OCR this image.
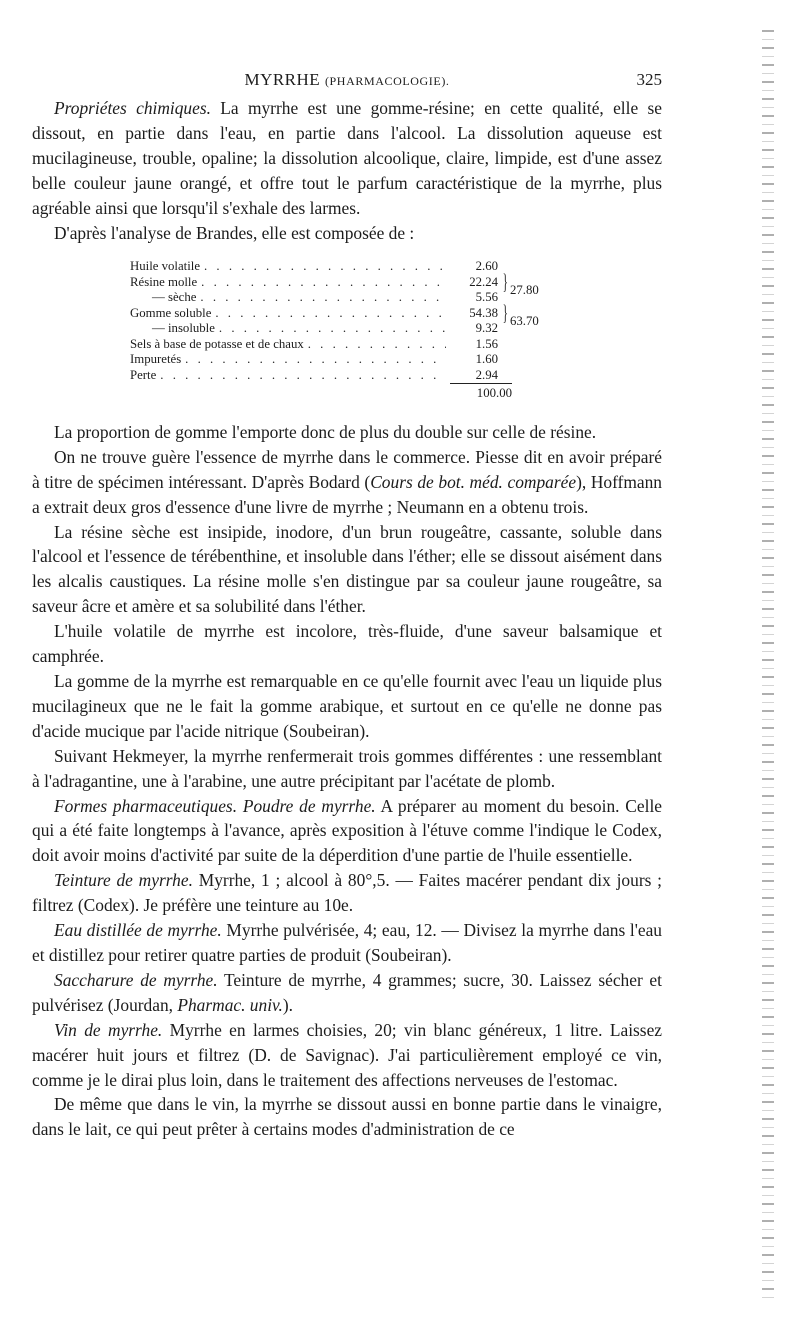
MYRRHE (PHARMACOLOGIE).	325

Propriétes chimiques. La myrrhe est une gomme-résine; en cette qualité, elle se dissout, en partie dans l'eau, en partie dans l'alcool. La dissolution aqueuse est mucilagineuse, trouble, opaline; la dissolution alcoolique, claire, limpide, est d'une assez belle couleur jaune orangé, et offre tout le parfum caractéristique de la myrrhe, plus agréable ainsi que lorsqu'il s'exhale des larmes.

D'après l'analyse de Brandes, elle est composée de :

Huile volatile . . .	2.60
Résine molle . . .	22.24 } 27.80
— sèche . . .	5.56
Gomme soluble . . .	54.38 } 63.70
— insoluble . . .	9.32
Sels à base de potasse et de chaux . . .	1.56
Impuretés . . .	1.60
Perte . . .	2.94
100.00

La proportion de gomme l'emporte donc de plus du double sur celle de résine.

On ne trouve guère l'essence de myrrhe dans le commerce. Piesse dit en avoir préparé à titre de spécimen intéressant. D'après Bodard (Cours de bot. méd. comparée), Hoffmann a extrait deux gros d'essence d'une livre de myrrhe ; Neumann en a obtenu trois.

La résine sèche est insipide, inodore, d'un brun rougeâtre, cassante, soluble dans l'alcool et l'essence de térébenthine, et insoluble dans l'éther; elle se dissout aisément dans les alcalis caustiques. La résine molle s'en distingue par sa couleur jaune rougeâtre, sa saveur âcre et amère et sa solubilité dans l'éther.

L'huile volatile de myrrhe est incolore, très-fluide, d'une saveur balsamique et camphrée.

La gomme de la myrrhe est remarquable en ce qu'elle fournit avec l'eau un liquide plus mucilagineux que ne le fait la gomme arabique, et surtout en ce qu'elle ne donne pas d'acide mucique par l'acide nitrique (Soubeiran).

Suivant Hekmeyer, la myrrhe renfermerait trois gommes différentes : une ressemblant à l'adragantine, une à l'arabine, une autre précipitant par l'acétate de plomb.

Formes pharmaceutiques. Poudre de myrrhe. A préparer au moment du besoin. Celle qui a été faite longtemps à l'avance, après exposition à l'étuve comme l'indique le Codex, doit avoir moins d'activité par suite de la déperdition d'une partie de l'huile essentielle.

Teinture de myrrhe. Myrrhe, 1 ; alcool à 80°,5. — Faites macérer pendant dix jours ; filtrez (Codex). Je préfère une teinture au 10e.

Eau distillée de myrrhe. Myrrhe pulvérisée, 4; eau, 12. — Divisez la myrrhe dans l'eau et distillez pour retirer quatre parties de produit (Soubeiran).

Saccharure de myrrhe. Teinture de myrrhe, 4 grammes; sucre, 30. Laissez sécher et pulvérisez (Jourdan, Pharmac. univ.).

Vin de myrrhe. Myrrhe en larmes choisies, 20; vin blanc généreux, 1 litre. Laissez macérer huit jours et filtrez (D. de Savignac). J'ai particulièrement employé ce vin, comme je le dirai plus loin, dans le traitement des affections nerveuses de l'estomac.

De même que dans le vin, la myrrhe se dissout aussi en bonne partie dans le vinaigre, dans le lait, ce qui peut prêter à certains modes d'administration de ce
